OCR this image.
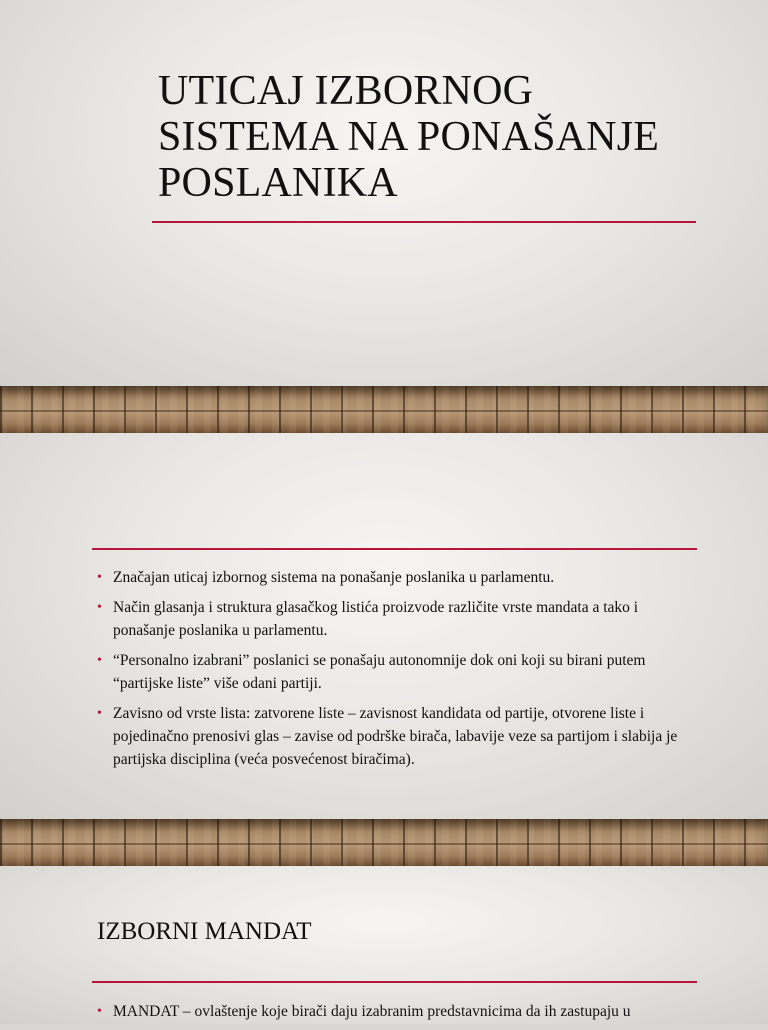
UTICAJ IZBORNOG SISTEMA NA PONAŠANJE POSLANIKA
• Značajan uticaj izbornog sistema na ponašanje poslanika u parlamentu.
• Način glasanja i struktura glasačkog listića proizvode različite vrste mandata a tako i ponašanje poslanika u parlamentu.
• “Personalno izabrani” poslanici se ponašaju autonomnije dok oni koji su birani putem “partijske liste” više odani partiji.
• Zavisno od vrste lista: zatvorene liste – zavisnost kandidata od partije, otvorene liste i pojedinačno prenosivi glas – zavise od podrške birača, labavije veze sa partijom i slabija je partijska disciplina (veća posvećenost biračima).
IZBORNI MANDAT
• MANDAT – ovlaštenje koje birači daju izabranim predstavnicima da ih zastupaju u
